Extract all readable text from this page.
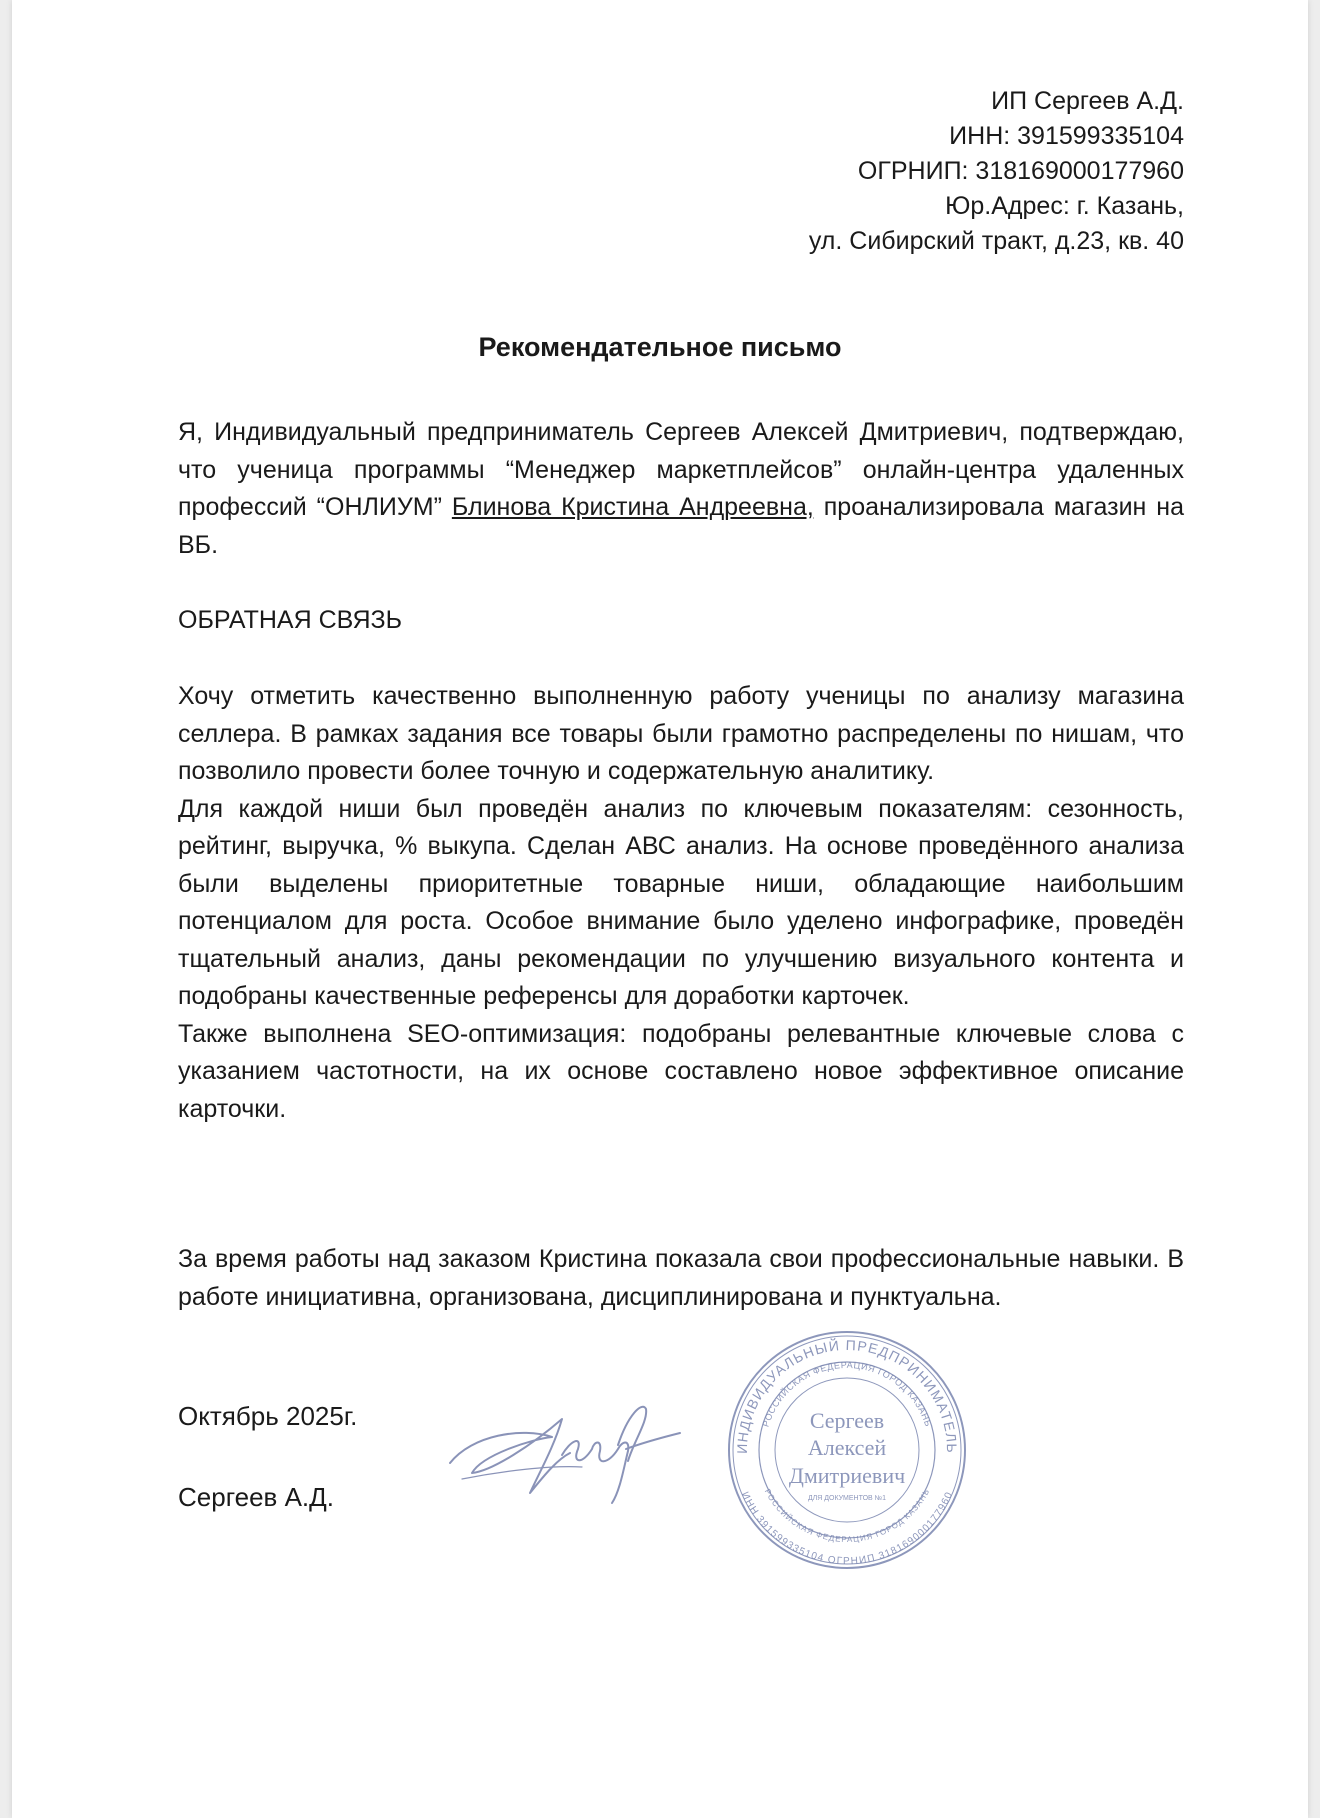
ИП Сергеев А.Д.
ИНН: 391599335104
ОГРНИП: 318169000177960
Юр.Адрес: г. Казань,
ул. Сибирский тракт, д.23, кв. 40
Рекомендательное письмо
Я, Индивидуальный предприниматель Сергеев Алексей Дмитриевич, подтверждаю, что ученица программы “Менеджер маркетплейсов” онлайн-центра удаленных профессий “ОНЛИУМ” Блинова Кристина Андреевна, проанализировала магазин на ВБ.
ОБРАТНАЯ СВЯЗЬ
Хочу отметить качественно выполненную работу ученицы по анализу магазина селлера. В рамках задания все товары были грамотно распределены по нишам, что позволило провести более точную и содержательную аналитику.
Для каждой ниши был проведён анализ по ключевым показателям: сезонность, рейтинг, выручка, % выкупа. Сделан АВС анализ. На основе проведённого анализа были выделены приоритетные товарные ниши, обладающие наибольшим потенциалом для роста. Особое внимание было уделено инфографике, проведён тщательный анализ, даны рекомендации по улучшению визуального контента и подобраны качественные референсы для доработки карточек.
Также выполнена SEO-оптимизация: подобраны релевантные ключевые слова с указанием частотности, на их основе составлено новое эффективное описание карточки.
За время работы над заказом Кристина показала свои профессиональные навыки. В работе инициативна, организована, дисциплинирована и пунктуальна.
Октябрь 2025г.
Сергеев А.Д.
ИНДИВИДУАЛЬНЫЙ ПРЕДПРИНИМАТЕЛЬ
РОССИЙСКАЯ ФЕДЕРАЦИЯ ГОРОД КАЗАНЬ
ИНН 391599335104 ОГРНИП 318169000177960
РОССИЙСКАЯ ФЕДЕРАЦИЯ ГОРОД КАЗАНЬ
Сергеев
Алексей
Дмитриевич
ДЛЯ ДОКУМЕНТОВ №1
